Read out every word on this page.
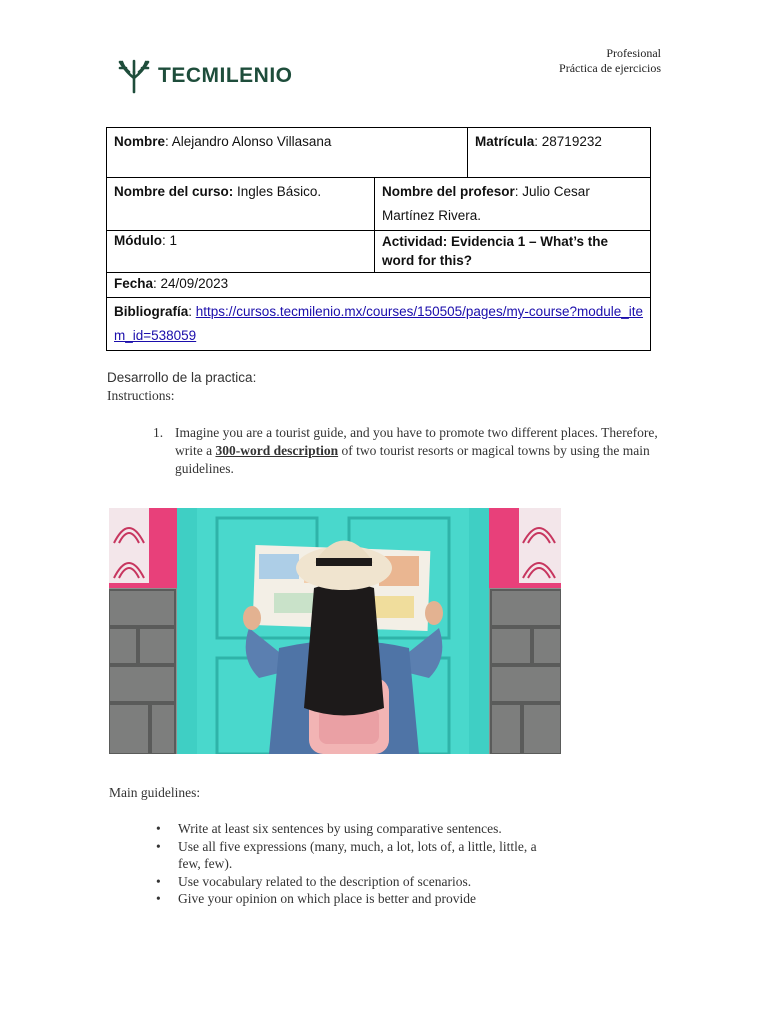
TECMILENIO
Profesional
Práctica de ejercicios
Nombre: Alejandro Alonso Villasana		Matrícula: 28719232
Nombre del curso: Ingles Básico.	Nombre del profesor: Julio Cesar Martínez Rivera.	
Módulo: 1	Actividad: Evidencia 1 – What’s the word for this?	
Fecha: 24/09/2023		
Bibliografía: https://cursos.tecmilenio.mx/courses/150505/pages/my-course?module_item_id=538059		
Desarrollo de la practica:
Instructions:
1. Imagine you are a tourist guide, and you have to promote two different places. Therefore, write a 300-word description of two tourist resorts or magical towns by using the main guidelines.
Main guidelines:
• Write at least six sentences by using comparative sentences.
• Use all five expressions (many, much, a lot, lots of, a little, little, a few, few).
• Use vocabulary related to the description of scenarios.
• Give your opinion on which place is better and provide
